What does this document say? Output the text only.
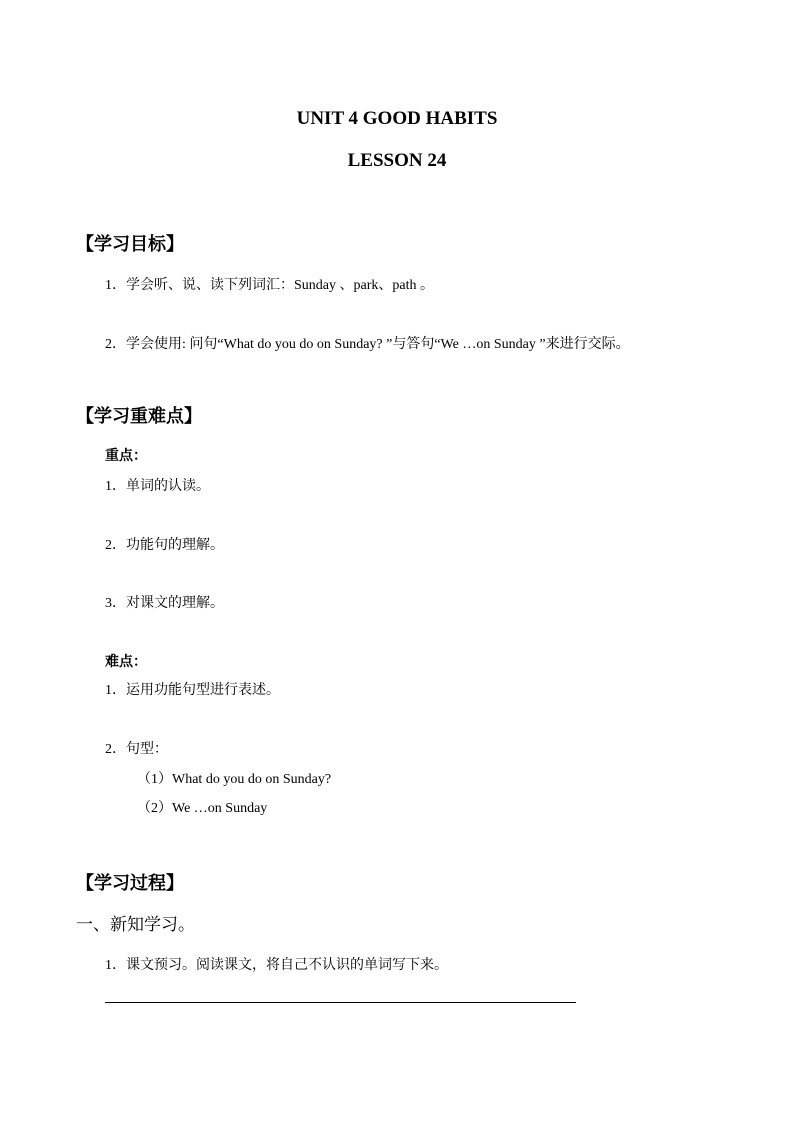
UNIT 4 GOOD HABITS
LESSON 24
【学习目标】
1．学会听、说、读下列词汇：Sunday 、park、path 。
2．学会使用: 问句“What do you do on Sunday? ”与答句“We …on Sunday ”来进行交际。
【学习重难点】
重点：
1．单词的认读。
2．功能句的理解。
3．对课文的理解。
难点：
1．运用功能句型进行表述。
2．句型：
（1）What do you do on Sunday?
（2）We …on Sunday
【学习过程】
一、新知学习。
1．课文预习。阅读课文，将自己不认识的单词写下来。
